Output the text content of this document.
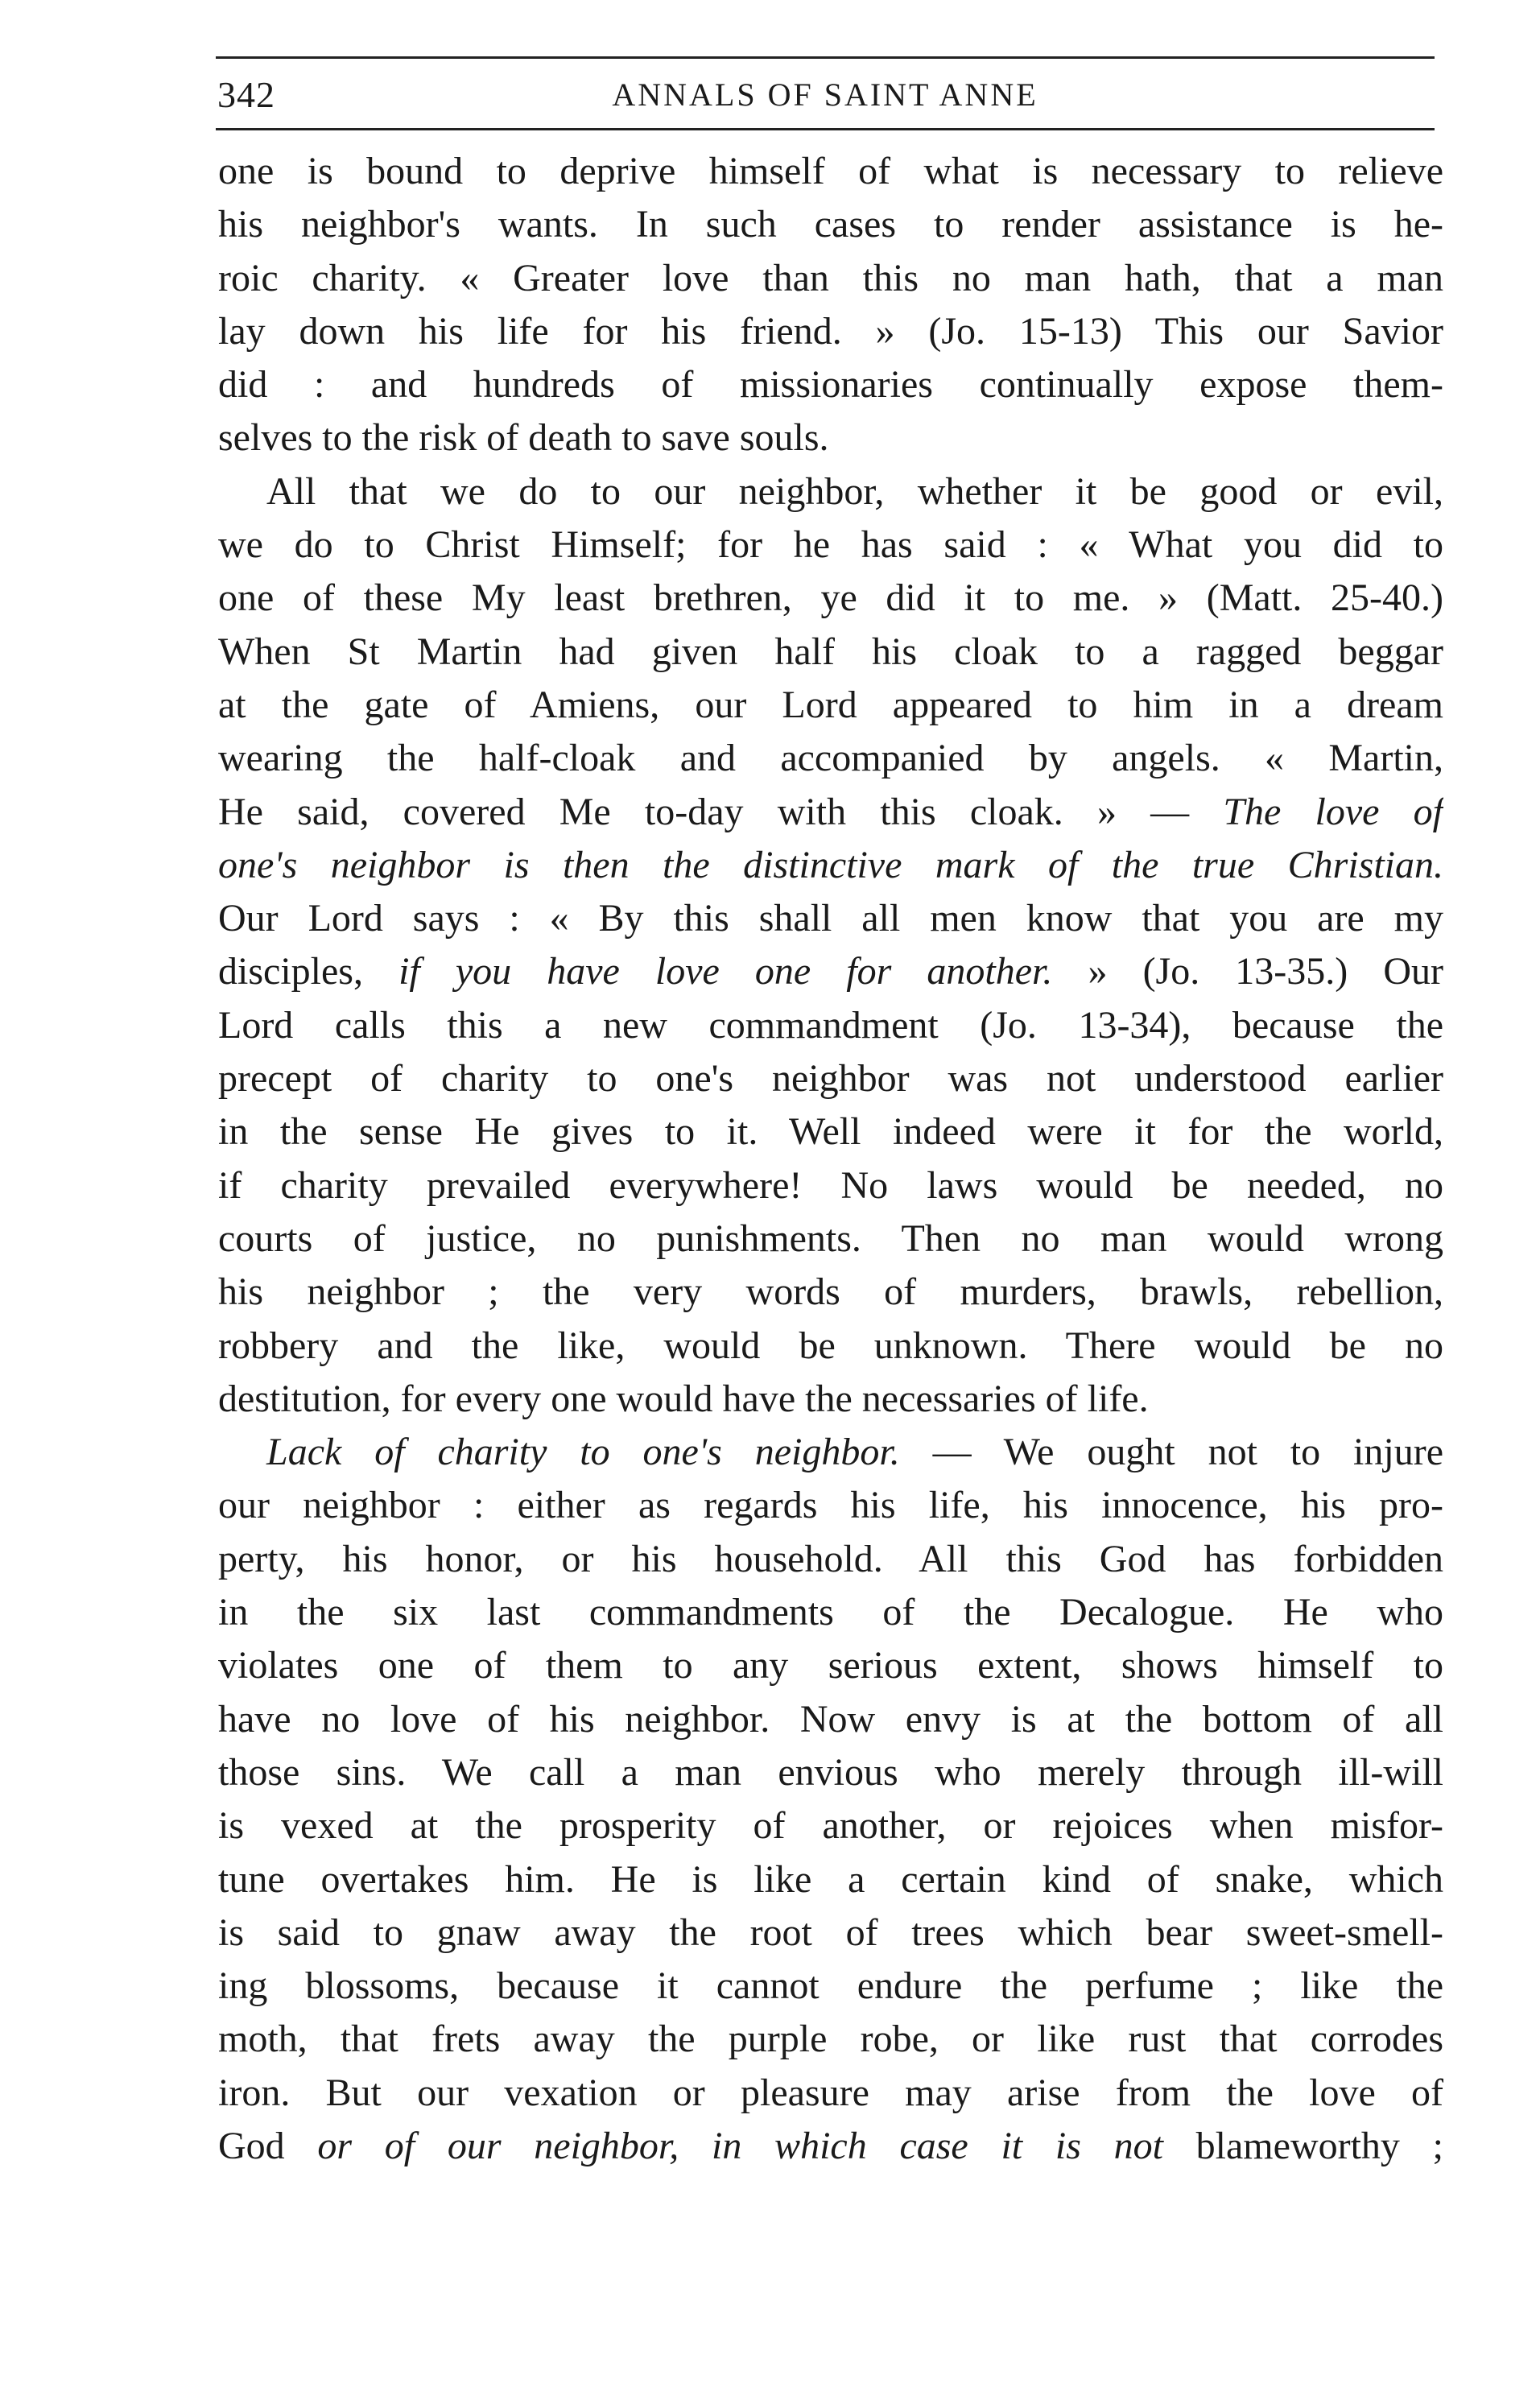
342	ANNALS OF SAINT ANNE
one is bound to deprive himself of what is necessary to relieve
his neighbor's wants. In such cases to render assistance is he-
roic charity. « Greater love than this no man hath, that a man
lay down his life for his friend. » (Jo. 15-13) This our Savior
did : and hundreds of missionaries continually expose them-
selves to the risk of death to save souls.
All that we do to our neighbor, whether it be good or evil,
we do to Christ Himself; for he has said : « What you did to
one of these My least brethren, ye did it to me. » (Matt. 25-40.)
When St Martin had given half his cloak to a ragged beggar
at the gate of Amiens, our Lord appeared to him in a dream
wearing the half-cloak and accompanied by angels. « Martin,
He said, covered Me to-day with this cloak. » — The love of
one's neighbor is then the distinctive mark of the true Christian.
Our Lord says : « By this shall all men know that you are my
disciples, if you have love one for another. » (Jo. 13-35.) Our
Lord calls this a new commandment (Jo. 13-34), because the
precept of charity to one's neighbor was not understood earlier
in the sense He gives to it. Well indeed were it for the world,
if charity prevailed everywhere! No laws would be needed, no
courts of justice, no punishments. Then no man would wrong
his neighbor ; the very words of murders, brawls, rebellion,
robbery and the like, would be unknown. There would be no
destitution, for every one would have the necessaries of life.
Lack of charity to one's neighbor. — We ought not to injure
our neighbor : either as regards his life, his innocence, his pro-
perty, his honor, or his household. All this God has forbidden
in the six last commandments of the Decalogue. He who
violates one of them to any serious extent, shows himself to
have no love of his neighbor. Now envy is at the bottom of all
those sins. We call a man envious who merely through ill-will
is vexed at the prosperity of another, or rejoices when misfor-
tune overtakes him. He is like a certain kind of snake, which
is said to gnaw away the root of trees which bear sweet-smell-
ing blossoms, because it cannot endure the perfume ; like the
moth, that frets away the purple robe, or like rust that corrodes
iron. But our vexation or pleasure may arise from the love of
God or of our neighbor, in which case it is not blameworthy ;
